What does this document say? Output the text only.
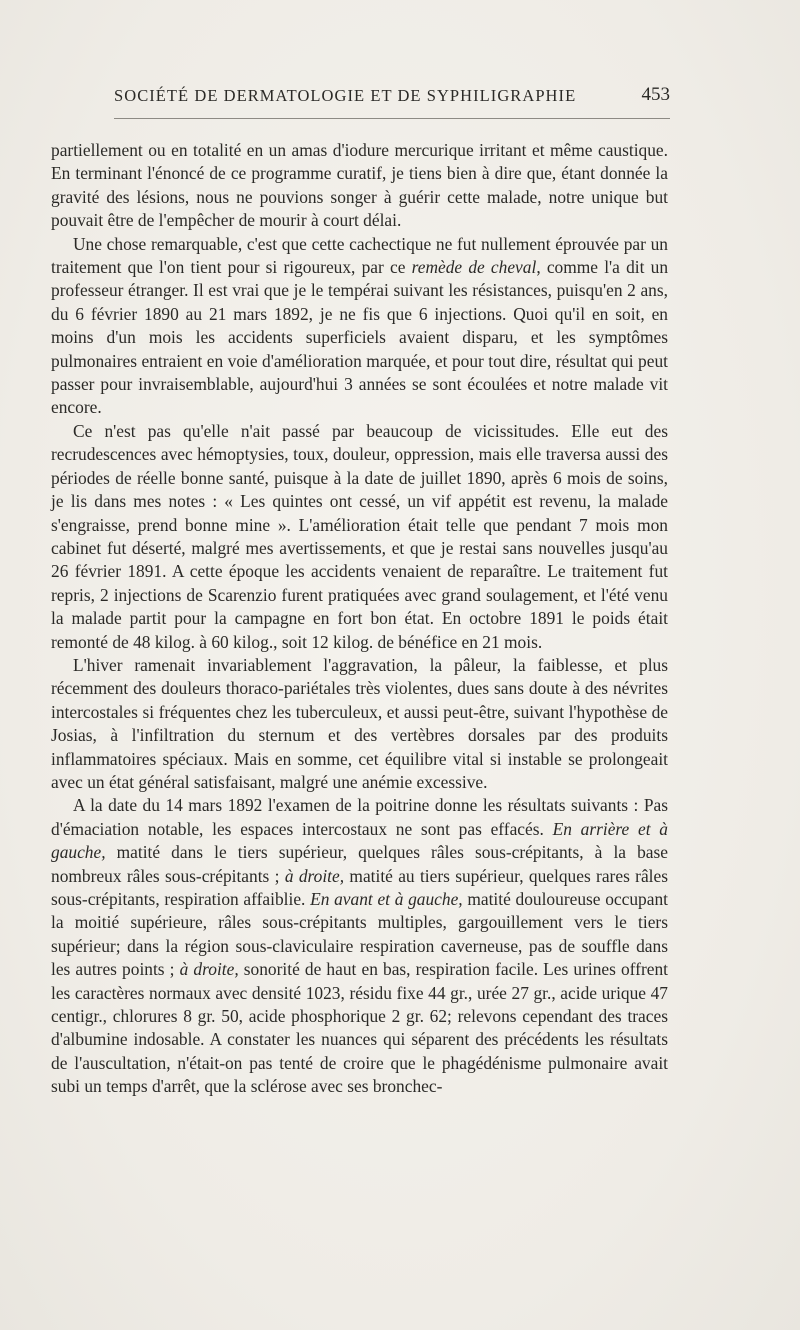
SOCIÉTÉ DE DERMATOLOGIE ET DE SYPHILIGRAPHIE	453

partiellement ou en totalité en un amas d'iodure mercurique irritant et même caustique. En terminant l'énoncé de ce programme curatif, je tiens bien à dire que, étant donnée la gravité des lésions, nous ne pouvions songer à guérir cette malade, notre unique but pouvait être de l'empêcher de mourir à court délai.

Une chose remarquable, c'est que cette cachectique ne fut nullement éprouvée par un traitement que l'on tient pour si rigoureux, par ce remède de cheval, comme l'a dit un professeur étranger. Il est vrai que je le tempérai suivant les résistances, puisqu'en 2 ans, du 6 février 1890 au 21 mars 1892, je ne fis que 6 injections. Quoi qu'il en soit, en moins d'un mois les accidents superficiels avaient disparu, et les symptômes pulmonaires entraient en voie d'amélioration marquée, et pour tout dire, résultat qui peut passer pour invraisemblable, aujourd'hui 3 années se sont écoulées et notre malade vit encore.

Ce n'est pas qu'elle n'ait passé par beaucoup de vicissitudes. Elle eut des recrudescences avec hémoptysies, toux, douleur, oppression, mais elle traversa aussi des périodes de réelle bonne santé, puisque à la date de juillet 1890, après 6 mois de soins, je lis dans mes notes : « Les quintes ont cessé, un vif appétit est revenu, la malade s'engraisse, prend bonne mine ». L'amélioration était telle que pendant 7 mois mon cabinet fut déserté, malgré mes avertissements, et que je restai sans nouvelles jusqu'au 26 février 1891. A cette époque les accidents venaient de reparaître. Le traitement fut repris, 2 injections de Scarenzio furent pratiquées avec grand soulagement, et l'été venu la malade partit pour la campagne en fort bon état. En octobre 1891 le poids était remonté de 48 kilog. à 60 kilog., soit 12 kilog. de bénéfice en 21 mois.

L'hiver ramenait invariablement l'aggravation, la pâleur, la faiblesse, et plus récemment des douleurs thoraco-pariétales très violentes, dues sans doute à des névrites intercostales si fréquentes chez les tuberculeux, et aussi peut-être, suivant l'hypothèse de Josias, à l'infiltration du sternum et des vertèbres dorsales par des produits inflammatoires spéciaux. Mais en somme, cet équilibre vital si instable se prolongeait avec un état général satisfaisant, malgré une anémie excessive.

A la date du 14 mars 1892 l'examen de la poitrine donne les résultats suivants : Pas d'émaciation notable, les espaces intercostaux ne sont pas effacés. En arrière et à gauche, matité dans le tiers supérieur, quelques râles sous-crépitants, à la base nombreux râles sous-crépitants ; à droite, matité au tiers supérieur, quelques rares râles sous-crépitants, respiration affaiblie. En avant et à gauche, matité douloureuse occupant la moitié supérieure, râles sous-crépitants multiples, gargouillement vers le tiers supérieur; dans la région sous-claviculaire respiration caverneuse, pas de souffle dans les autres points ; à droite, sonorité de haut en bas, respiration facile. Les urines offrent les caractères normaux avec densité 1023, résidu fixe 44 gr., urée 27 gr., acide urique 47 centigr., chlorures 8 gr. 50, acide phosphorique 2 gr. 62; relevons cependant des traces d'albumine indosable. A constater les nuances qui séparent des précédents les résultats de l'auscultation, n'était-on pas tenté de croire que le phagédénisme pulmonaire avait subi un temps d'arrêt, que la sclérose avec ses bronchec-
